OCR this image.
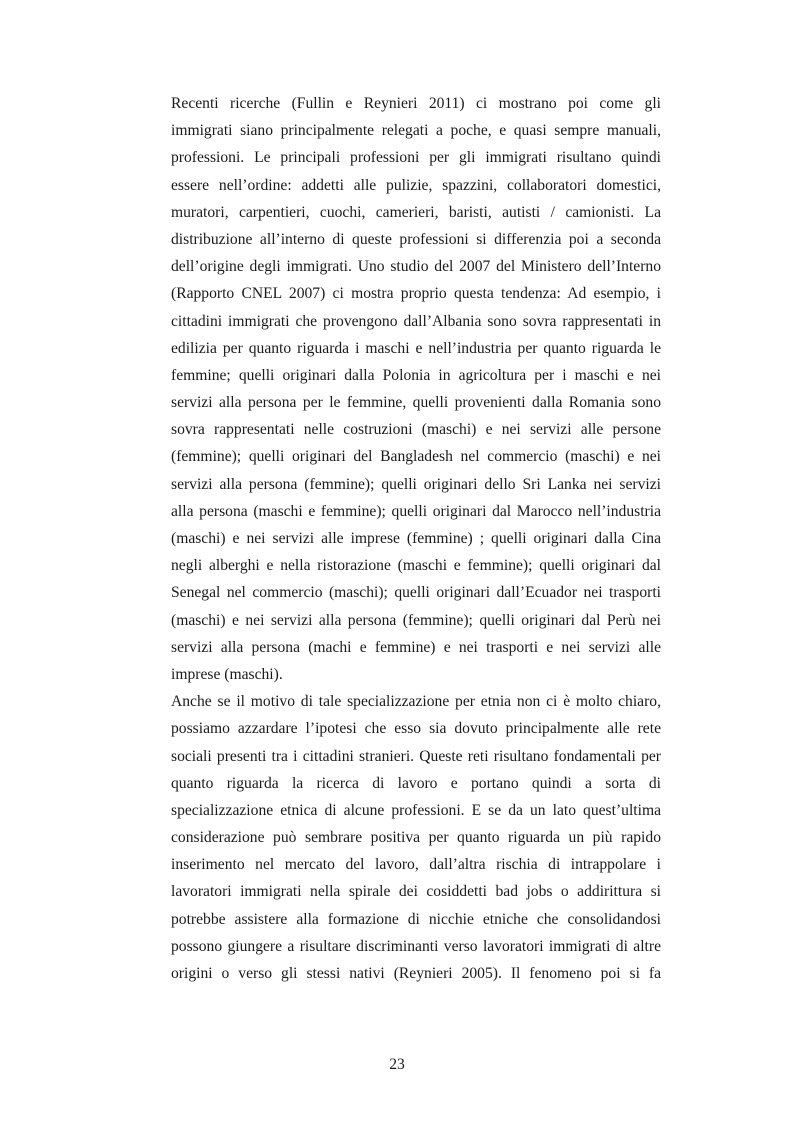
Recenti ricerche (Fullin e Reynieri 2011) ci mostrano poi come gli
immigrati siano principalmente relegati a poche, e quasi sempre manuali,
professioni. Le principali professioni per gli immigrati risultano quindi
essere nell’ordine: addetti alle pulizie, spazzini, collaboratori domestici,
muratori, carpentieri, cuochi, camerieri, baristi, autisti / camionisti. La
distribuzione all’interno di queste professioni si differenzia poi a seconda
dell’origine degli immigrati. Uno studio del 2007 del Ministero dell’Interno
(Rapporto CNEL 2007) ci mostra proprio questa tendenza: Ad esempio, i
cittadini immigrati che provengono dall’Albania sono sovra rappresentati in
edilizia per quanto riguarda i maschi e nell’industria per quanto riguarda le
femmine; quelli originari dalla Polonia in agricoltura per i maschi e nei
servizi alla persona per le femmine, quelli provenienti dalla Romania sono
sovra rappresentati nelle costruzioni (maschi) e nei servizi alle persone
(femmine); quelli originari del Bangladesh nel commercio (maschi) e nei
servizi alla persona (femmine); quelli originari dello Sri Lanka nei servizi
alla persona (maschi e femmine); quelli originari dal Marocco nell’industria
(maschi) e nei servizi alle imprese (femmine) ; quelli originari dalla Cina
negli alberghi e nella ristorazione (maschi e femmine); quelli originari dal
Senegal nel commercio (maschi); quelli originari dall’Ecuador nei trasporti
(maschi) e nei servizi alla persona (femmine); quelli originari dal Perù nei
servizi alla persona (machi e femmine) e nei trasporti e nei servizi alle
imprese (maschi).
Anche se il motivo di tale specializzazione per etnia non ci è molto chiaro,
possiamo azzardare l’ipotesi che esso sia dovuto principalmente alle rete
sociali presenti tra i cittadini stranieri. Queste reti risultano fondamentali per
quanto riguarda la ricerca di lavoro e portano quindi a sorta di
specializzazione etnica di alcune professioni. E se da un lato quest’ultima
considerazione può sembrare positiva per quanto riguarda un più rapido
inserimento nel mercato del lavoro, dall’altra rischia di intrappolare i
lavoratori immigrati nella spirale dei cosiddetti bad jobs o addirittura si
potrebbe assistere alla formazione di nicchie etniche che consolidandosi
possono giungere a risultare discriminanti verso lavoratori immigrati di altre
origini o verso gli stessi nativi (Reynieri 2005). Il fenomeno poi si fa
23
